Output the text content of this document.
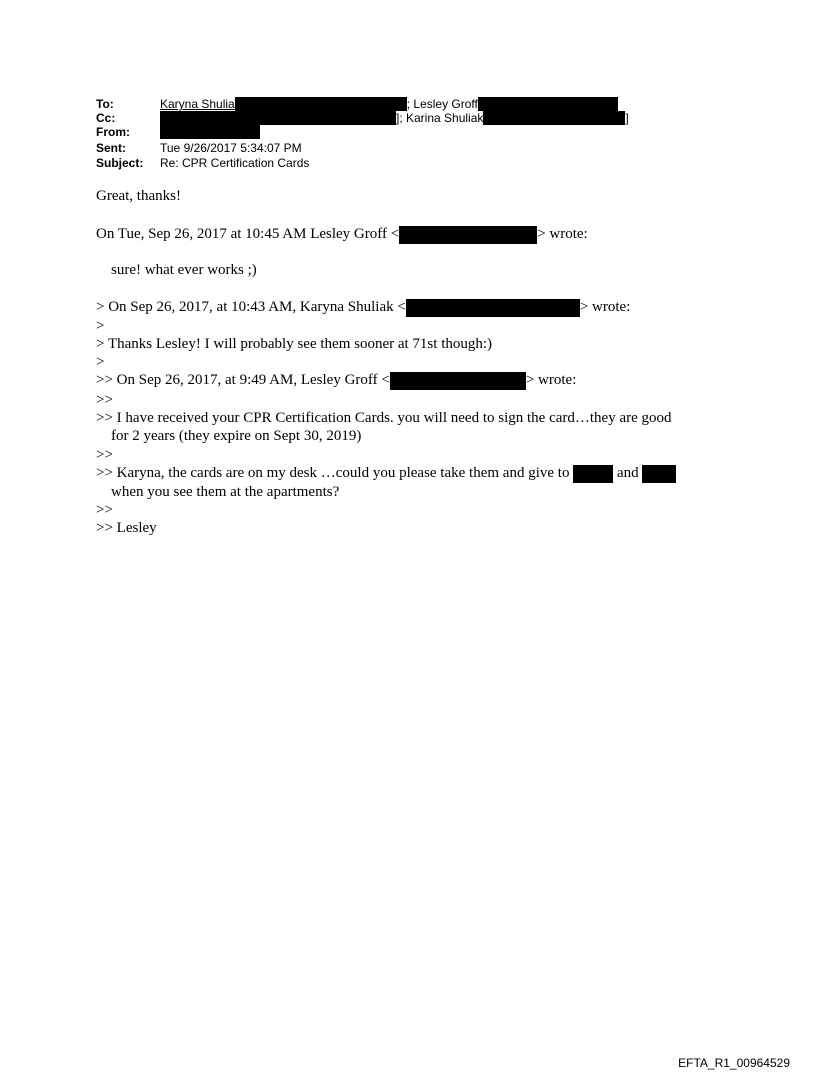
To:	Karyna Shulia	; Lesley Groff
Cc:	]; Karina Shuliak	]
From:
Sent:	Tue 9/26/2017 5:34:07 PM
Subject: Re: CPR Certification Cards
Great, thanks!
On Tue, Sep 26, 2017 at 10:45 AM Lesley Groff <	> wrote:
sure! what ever works ;)
> On Sep 26, 2017, at 10:43 AM, Karyna Shuliak <	> wrote:
>
> Thanks Lesley! I will probably see them sooner at 71st though:)
>
>> On Sep 26, 2017, at 9:49 AM, Lesley Groff <	> wrote:
>>
>> I have received your CPR Certification Cards. you will need to sign the card…they are good
for 2 years (they expire on Sept 30, 2019)
>>
>> Karyna, the cards are on my desk …could you please take them and give to	and
when you see them at the apartments?
>>
>> Lesley
EFTA_R1_00964529
